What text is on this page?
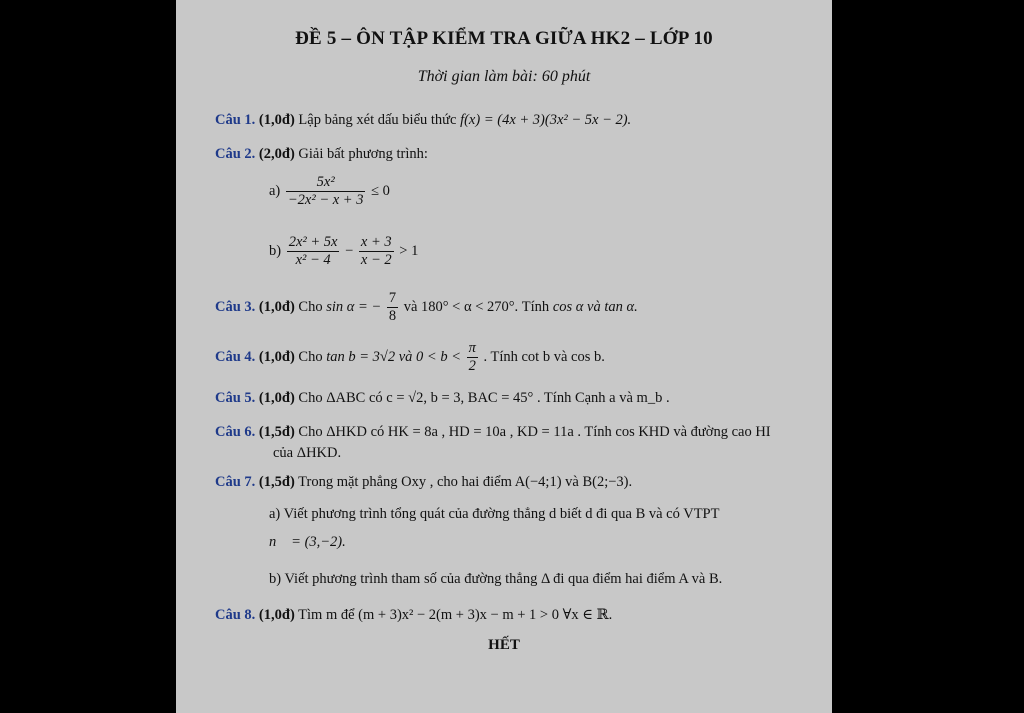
ĐỀ 5 – ÔN TẬP KIỂM TRA GIỮA HK2 – LỚP 10
Thời gian làm bài: 60 phút
Câu 1. (1,0đ) Lập bảng xét dấu biểu thức f(x) = (4x + 3)(3x² − 5x − 2).
Câu 2. (2,0đ) Giải bất phương trình:
$a) \frac{\text{5x²}}{\text{−2x² − x + 3}} \le 0$
$b) \frac{\text{2x² + 5x}}{\text{x² − 4}} - \frac{x + 3}{x - 2} > 1$
Câu 3. (1,0đ) Cho sin α = − $\frac{7}{8}$ và 180° < α < 270°. Tính cos α và tan α.
Câu 4. (1,0đ) Cho tan b = 3√2 và $0 < b < \frac{\pi}{2}$ . Tính cot b và cos b.
Câu 5. (1,0đ) Cho ΔABC có c = √2, b = 3, BAC = 45° . Tính Cạnh a và m_b .
Câu 6. (1,5đ) Cho ΔHKD có HK = 8a , HD = 10a , KD = 11a . Tính cos KHD và đường cao HI
của ΔHKD.
Câu 7. (1,5đ) Trong mặt phẳng Oxy , cho hai điểm A(−4;1) và B(2;−3).
a) Viết phương trình tổng quát của đường thẳng d biết d đi qua B và có VTPT
n⃗ = (3,−2).
b) Viết phương trình tham số của đường thẳng Δ đi qua điểm hai điểm A và B.
Câu 8. (1,0đ) Tìm m để (m + 3)x² − 2(m + 3)x − m + 1 > 0 ∀x ∈ ℝ.
HẾT
